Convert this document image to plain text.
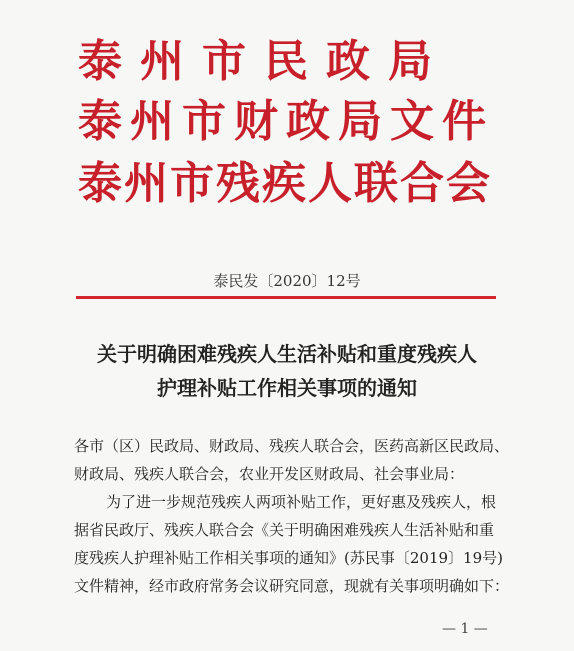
泰州市民政局
泰州市财政局文件
泰州市残疾人联合会
泰民发〔2020〕12号
关于明确困难残疾人生活补贴和重度残疾人
护理补贴工作相关事项的通知
各市（区）民政局、财政局、残疾人联合会，医药高新区民政局、
财政局、残疾人联合会，农业开发区财政局、社会事业局：
为了进一步规范残疾人两项补贴工作，更好惠及残疾人，根
据省民政厅、残疾人联合会《关于明确困难残疾人生活补贴和重
度残疾人护理补贴工作相关事项的通知》(苏民事〔2019〕19号)
文件精神，经市政府常务会议研究同意，现就有关事项明确如下：
— 1 —
